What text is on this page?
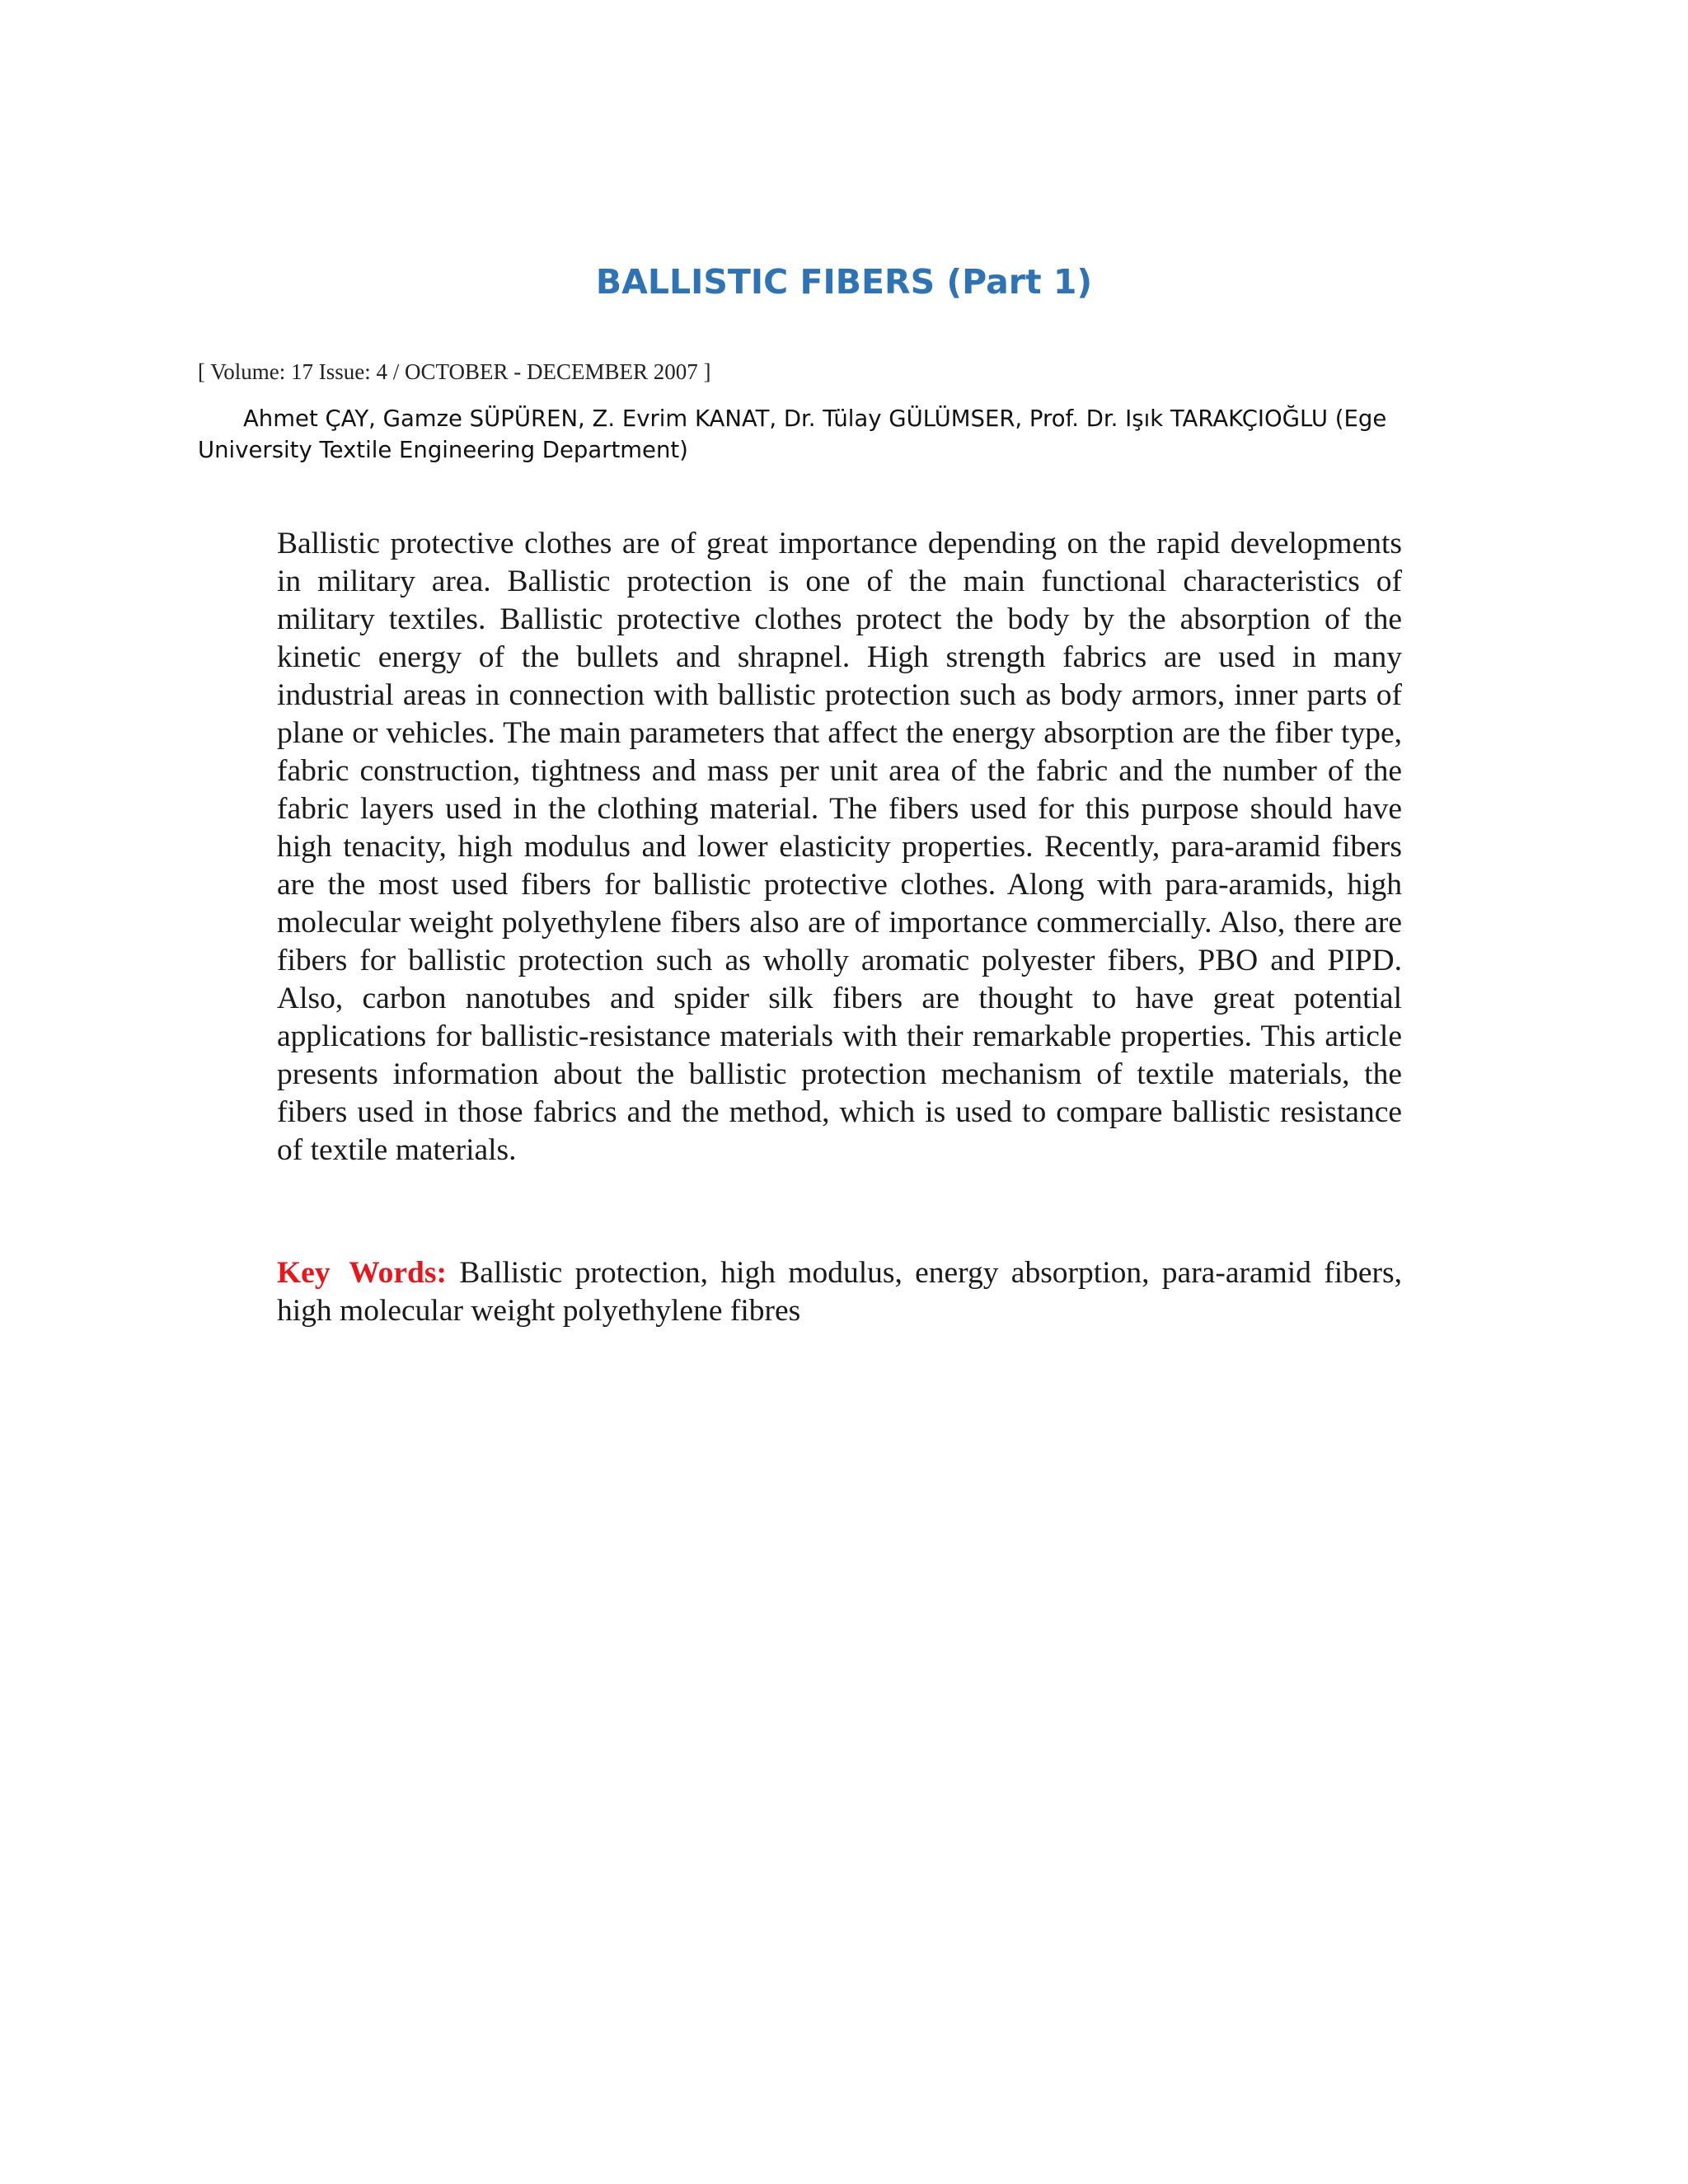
BALLISTIC FIBERS (Part 1)

[ Volume: 17 Issue: 4 / OCTOBER - DECEMBER 2007 ]

Ahmet ÇAY, Gamze SÜPÜREN, Z. Evrim KANAT, Dr. Tülay GÜLÜMSER, Prof. Dr. Işık TARAKÇIOĞLU (Ege University Textile Engineering Department)

Ballistic protective clothes are of great importance depending on the rapid developments in military area. Ballistic protection is one of the main functional characteristics of military textiles. Ballistic protective clothes protect the body by the absorption of the kinetic energy of the bullets and shrapnel. High strength fabrics are used in many industrial areas in connection with ballistic protection such as body armors, inner parts of plane or vehicles. The main parameters that affect the energy absorption are the fiber type, fabric construction, tightness and mass per unit area of the fabric and the number of the fabric layers used in the clothing material. The fibers used for this purpose should have high tenacity, high modulus and lower elasticity properties. Recently, para-aramid fibers are the most used fibers for ballistic protective clothes. Along with para-aramids, high molecular weight polyethylene fibers also are of importance commercially. Also, there are fibers for ballistic protection such as wholly aromatic polyester fibers, PBO and PIPD. Also, carbon nanotubes and spider silk fibers are thought to have great potential applications for ballistic-resistance materials with their remarkable properties. This article presents information about the ballistic protection mechanism of textile materials, the fibers used in those fabrics and the method, which is used to compare ballistic resistance of textile materials.

Key Words: Ballistic protection, high modulus, energy absorption, para-aramid fibers, high molecular weight polyethylene fibres
